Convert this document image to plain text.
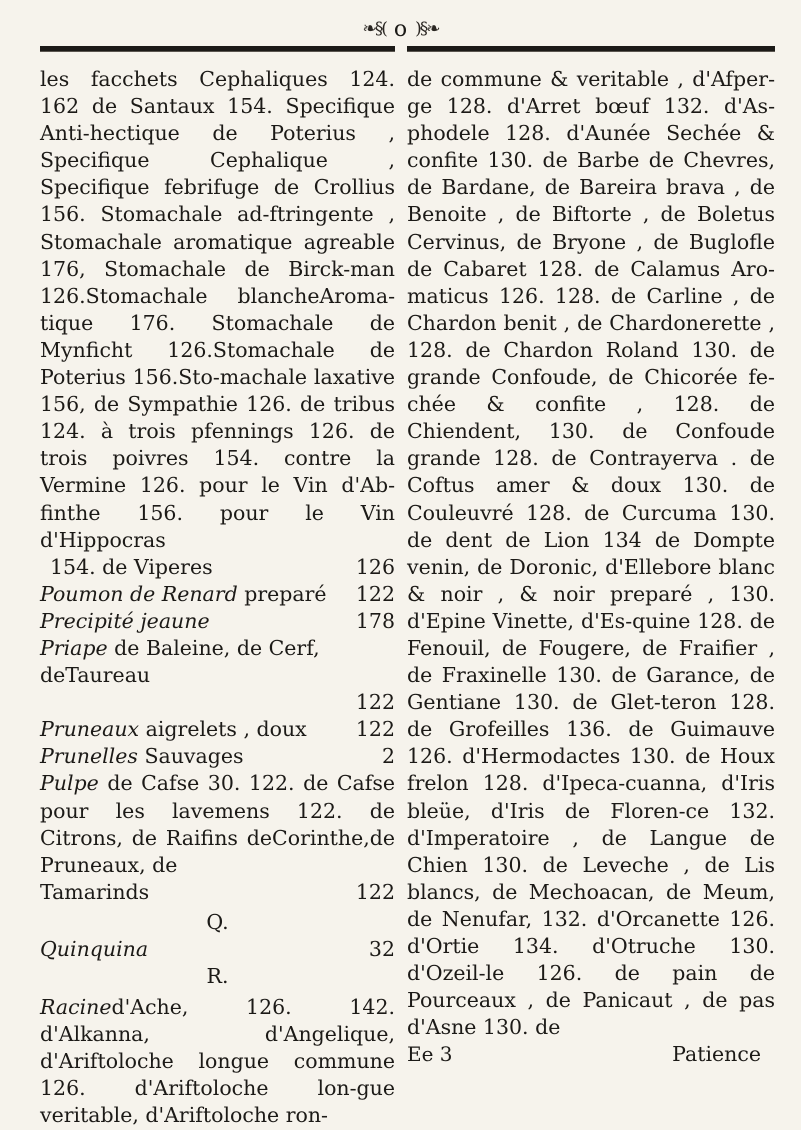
❧§( o )§❧

les facchets Cephaliques 124. 162 de Santaux 154. Specifique Anti-hectique de Poterius , Specifique Cephalique , Specifique febrifuge de Crollius 156. Stomachale ad-ftringente , Stomachale aromatique agreable 176, Stomachale de Birck-man 126.Stomachale blancheAroma-tique 176. Stomachale de Mynficht 126.Stomachale de Poterius 156.Sto-machale laxative 156, de Sympathie 126. de tribus 124. à trois pfennings 126. de trois poivres 154. contre la Vermine 126. pour le Vin d'Ab-finthe 156. pour le Vin d'Hippocras

154. de Viperes	126
Poumon de Renard preparé 122
Precipité jeaune	178
Priape de Baleine, de Cerf, deTaureau
122
Pruneaux aigrelets , doux 122
Prunelles Sauvages	2

Pulpe de Cafse 30. 122. de Cafse pour les lavemens 122. de Citrons, de Raifins deCorinthe,de Pruneaux, de

Tamarinds	122
Q.
Quinquina	32
R.

Racined'Ache, 126. 142. d'Alkanna, d'Angelique, d'Ariftoloche longue commune 126. d'Ariftoloche lon-gue veritable, d'Ariftoloche ron-

de commune & veritable , d'Afper-ge 128. d'Arret bœuf 132. d'As-phodele 128. d'Aunée Sechée & confite 130. de Barbe de Chevres, de Bardane, de Bareira brava , de Benoite , de Biftorte , de Boletus Cervinus, de Bryone , de Buglofle de Cabaret 128. de Calamus Aro-maticus 126. 128. de Carline , de Chardon benit , de Chardonerette , 128. de Chardon Roland 130. de grande Confoude, de Chicorée fe-chée & confite , 128. de Chiendent, 130. de Confoude grande 128. de Contrayerva . de Coftus amer & doux 130. de Couleuvré 128. de Curcuma 130. de dent de Lion 134 de Dompte venin, de Doronic, d'Ellebore blanc & noir , & noir preparé , 130. d'Epine Vinette, d'Es-quine 128. de Fenouil, de Fougere, de Fraifier , de Fraxinelle 130. de Garance, de Gentiane 130. de Glet-teron 128. de Grofeilles 136. de Guimauve 126. d'Hermodactes 130. de Houx frelon 128. d'Ipeca-cuanna, d'Iris bleüe, d'Iris de Floren-ce 132. d'Imperatoire , de Langue de Chien 130. de Leveche , de Lis blancs, de Mechoacan, de Meum, de Nenufar, 132. d'Orcanette 126. d'Ortie 134. d'Otruche 130. d'Ozeil-le 126. de pain de Pourceaux , de Panicaut , de pas d'Asne 130. de

Ee 3	Patience
